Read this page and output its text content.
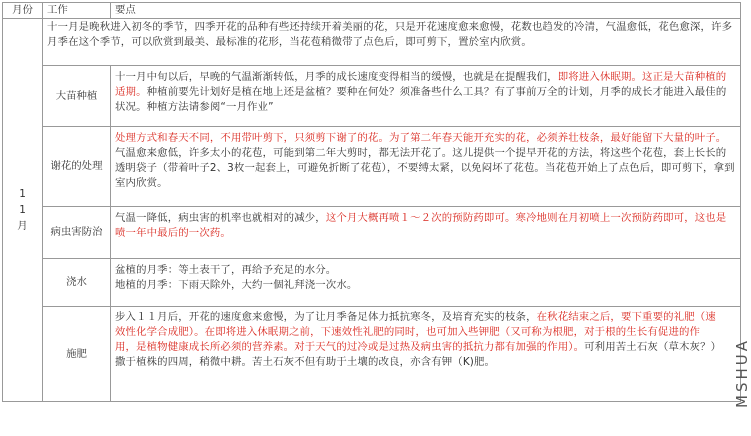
月份	工作	要点
11月	十一月是晚秋进入初冬的季节，四季开花的品种有些还持续开着美丽的花，只是开花速度愈来愈慢，花数也趋发的冷清，气温愈低，花色愈深，许多月季在这个季节，可以欣赏到最美、最标准的花形，当花苞稍微带了点色后，即可剪下，置於室内欣赏。	
	大苗种植	十一月中旬以后，早晚的气温渐渐转低，月季的成长速度变得相当的缓慢，也就是在提醒我们，即将进入休眠期。这正是大苗种植的适期。种植前要先计划好是植在地上还是盆植？要种在何处？须准备些什么工具？有了事前万全的计划，月季的成长才能进入最佳的状况。种植方法请参阅“一月作业”
	谢花的处理	处理方式和春天不同，不用带叶剪下，只须剪下谢了的花。为了第二年春天能开充实的花，必须养壮枝条，最好能留下大量的叶子。气温愈来愈低，许多太小的花苞，可能到第二年大剪时，都无法开花了。这儿提供一个提早开花的方法，将这些个花苞，套上长长的透明袋子（带着叶子2、3枚一起套上，可避免折断了花苞），不要缚太紧，以免闷坏了花苞。当花苞开始上了点色后，即可剪下，拿到室内欣赏。
	病虫害防治	气温一降低，病虫害的机率也就相对的减少，这个月大概再喷１～２次的预防药即可。寒冷地则在月初喷上一次预防药即可，这也是喷一年中最后的一次药。
	浇水	盆植的月季：等土表干了，再给予充足的水分。
地植的月季：下雨天除外，大约一個礼拜浇一次水。
	施肥	步入１１月后，开花的速度愈来愈慢，为了让月季备足体力抵抗寒冬，及培育充实的枝条，在秋花结束之后，要下重要的礼肥（速效性化学合成肥）。在即将进入休眠期之前，下速效性礼肥的同时，也可加入些钾肥（又可称为根肥，对于根的生长有促进的作用，是植物健康成长所必须的营养素。对于天气的过冷或是过热及病虫害的抵抗力都有加强的作用）。可利用苦土石灰（草木灰？）撒于植株的四周，稍微中耕。苦土石灰不但有助于土壤的改良，亦含有钾（K)肥。	MSHUA
